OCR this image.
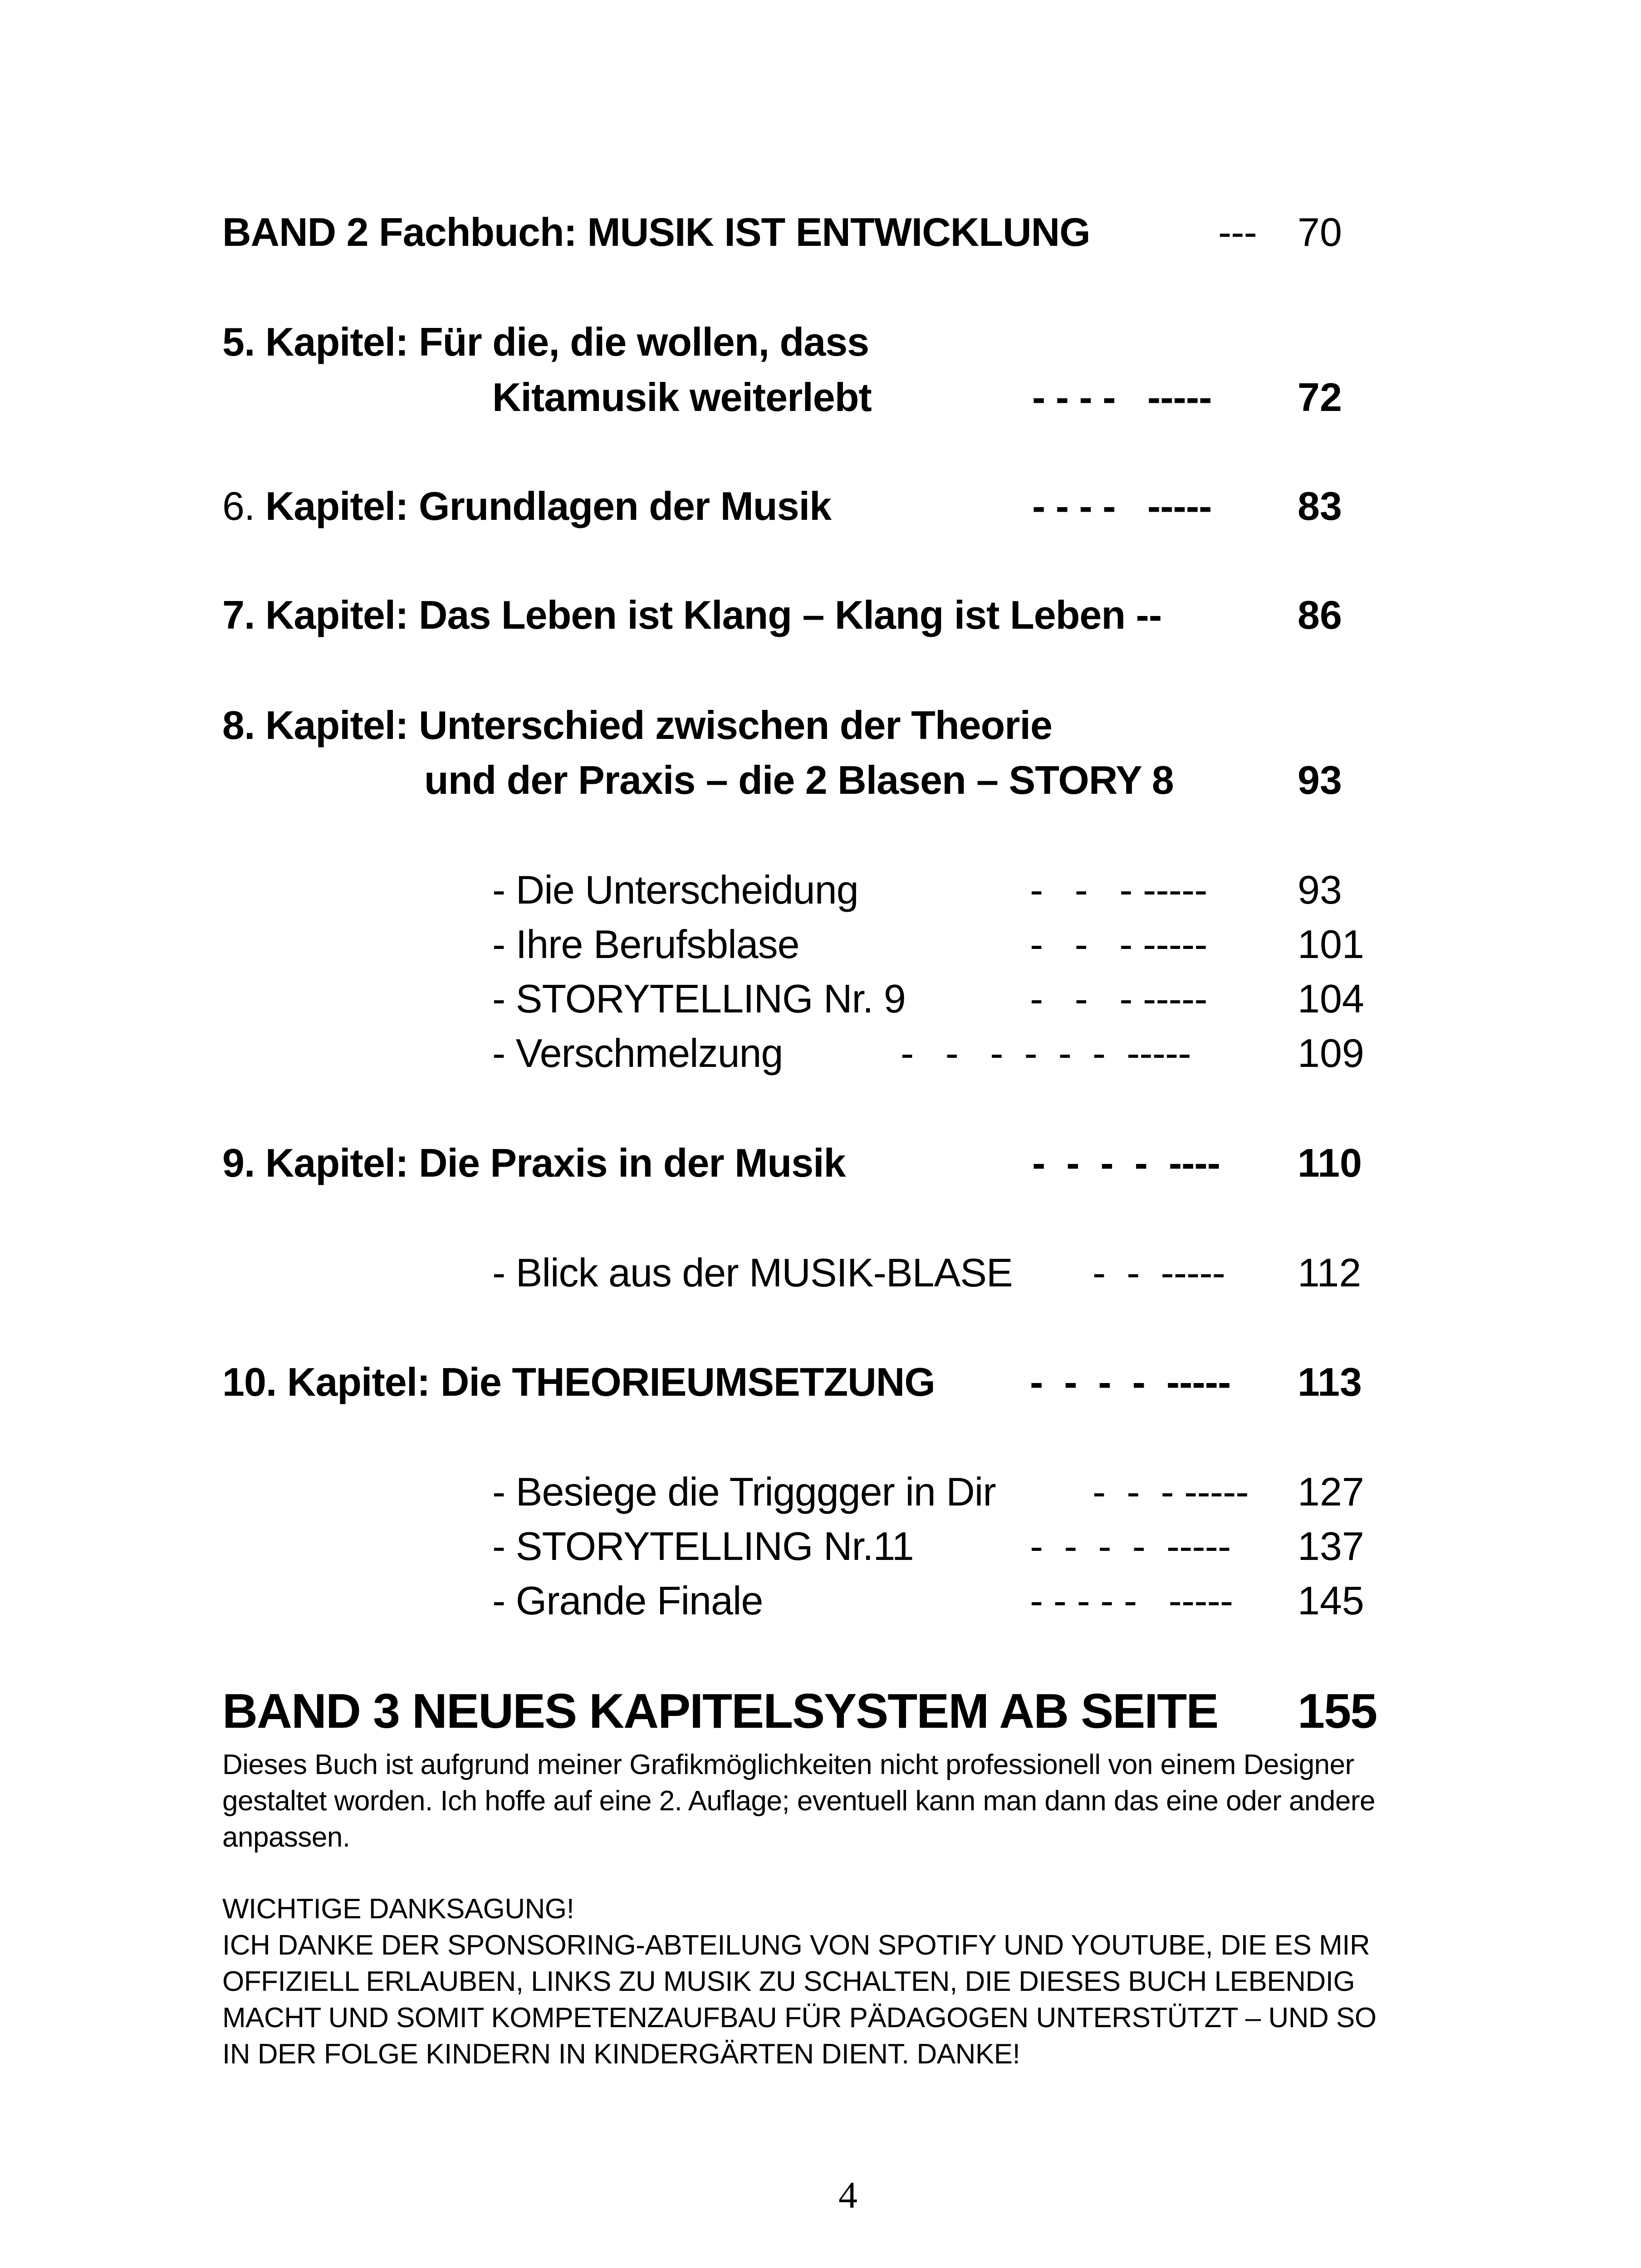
BAND 2 Fachbuch: MUSIK IST ENTWICKLUNG	--- 70
5. Kapitel: Für die, die wollen, dass
Kitamusik weiterlebt	- - - -   ----- 72
6. Kapitel: Grundlagen der Musik	- - - -   ----- 83
7. Kapitel: Das Leben ist Klang – Klang ist Leben --	86
8. Kapitel: Unterschied zwischen der Theorie
und der Praxis – die 2 Blasen – STORY 8	93
- Die Unterscheidung	-   -   - ----- 93
- Ihre Berufsblase	-   -   - ----- 101
- STORYTELLING Nr. 9	-   -   - ----- 104
- Verschmelzung	-   -   -  -  -  -  -----	109
9. Kapitel: Die Praxis in der Musik	-  -  -  -  ---- 110
- Blick aus der MUSIK-BLASE -  -  ----- 112
10. Kapitel: Die THEORIEUMSETZUNG -  -  -  -  ----- 113
- Besiege die Trigggger in Dir -  -  - ----- 127
- STORYTELLING Nr.11	-  -  -  -  ----- 137
- Grande Finale	- - - - -   ----- 145
BAND 3 NEUES KAPITELSYSTEM AB SEITE 155
Dieses Buch ist aufgrund meiner Grafikmöglichkeiten nicht professionell von einem Designer
gestaltet worden. Ich hoffe auf eine 2. Auflage; eventuell kann man dann das eine oder andere
anpassen.
WICHTIGE DANKSAGUNG!
ICH DANKE DER SPONSORING-ABTEILUNG VON SPOTIFY UND YOUTUBE, DIE ES MIR
OFFIZIELL ERLAUBEN, LINKS ZU MUSIK ZU SCHALTEN, DIE DIESES BUCH LEBENDIG
MACHT UND SOMIT KOMPETENZAUFBAU FÜR PÄDAGOGEN UNTERSTÜTZT – UND SO
IN DER FOLGE KINDERN IN KINDERGÄRTEN DIENT. DANKE!
4
